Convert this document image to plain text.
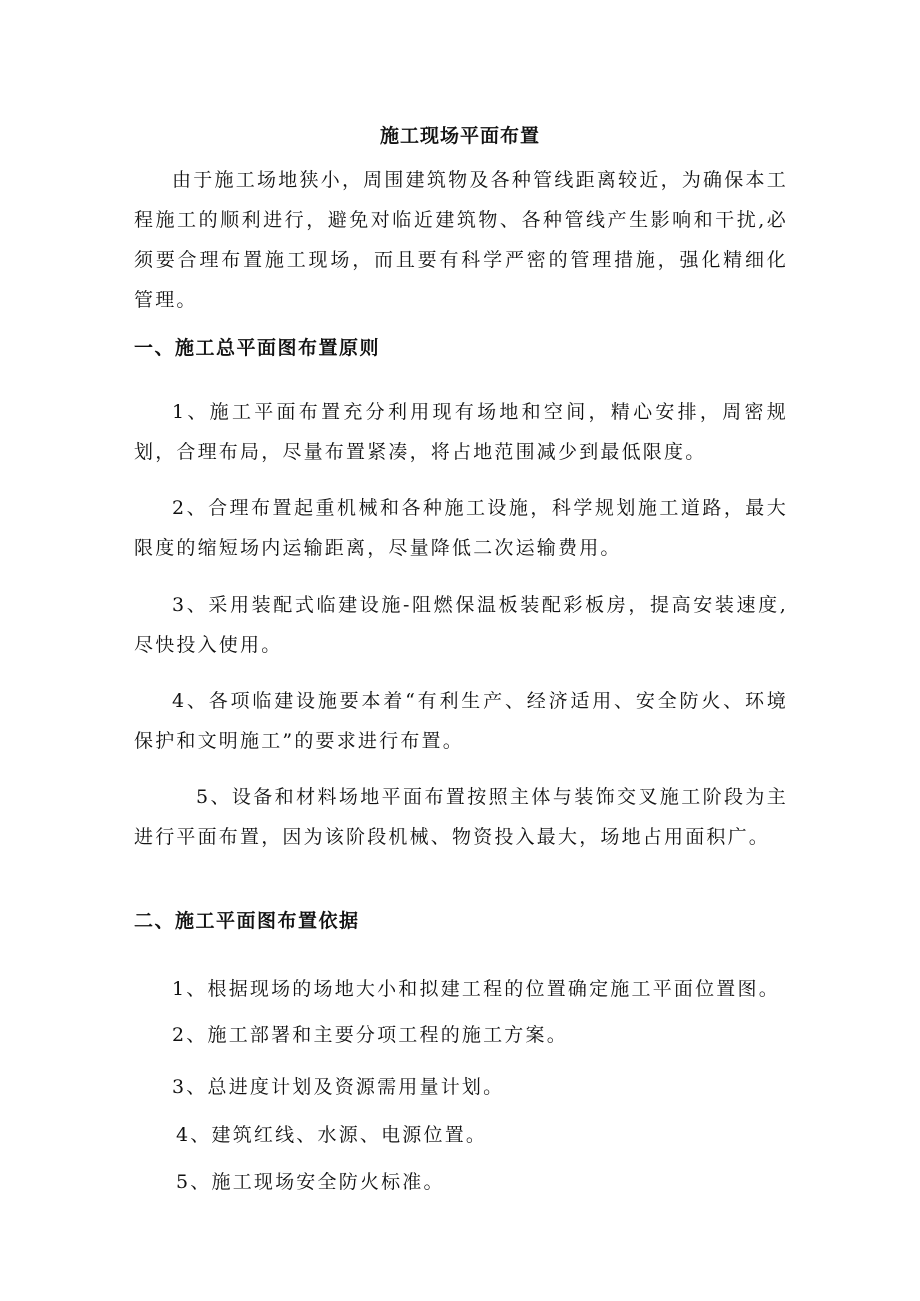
施工现场平面布置
由于施工场地狭小，周围建筑物及各种管线距离较近，为确保本工程施工的顺利进行，避免对临近建筑物、各种管线产生影响和干扰,必须要合理布置施工现场，而且要有科学严密的管理措施，强化精细化管理。
一、施工总平面图布置原则
1、施工平面布置充分利用现有场地和空间，精心安排，周密规划，合理布局，尽量布置紧凑，将占地范围减少到最低限度。
2、合理布置起重机械和各种施工设施，科学规划施工道路，最大限度的缩短场内运输距离，尽量降低二次运输费用。
3、采用装配式临建设施-阻燃保温板装配彩板房，提高安装速度,尽快投入使用。
4、各项临建设施要本着“有利生产、经济适用、安全防火、环境保护和文明施工”的要求进行布置。
5、设备和材料场地平面布置按照主体与装饰交叉施工阶段为主进行平面布置，因为该阶段机械、物资投入最大，场地占用面积广。
二、施工平面图布置依据
1、根据现场的场地大小和拟建工程的位置确定施工平面位置图。
2、施工部署和主要分项工程的施工方案。
3、总进度计划及资源需用量计划。
4、建筑红线、水源、电源位置。
5、施工现场安全防火标准。
